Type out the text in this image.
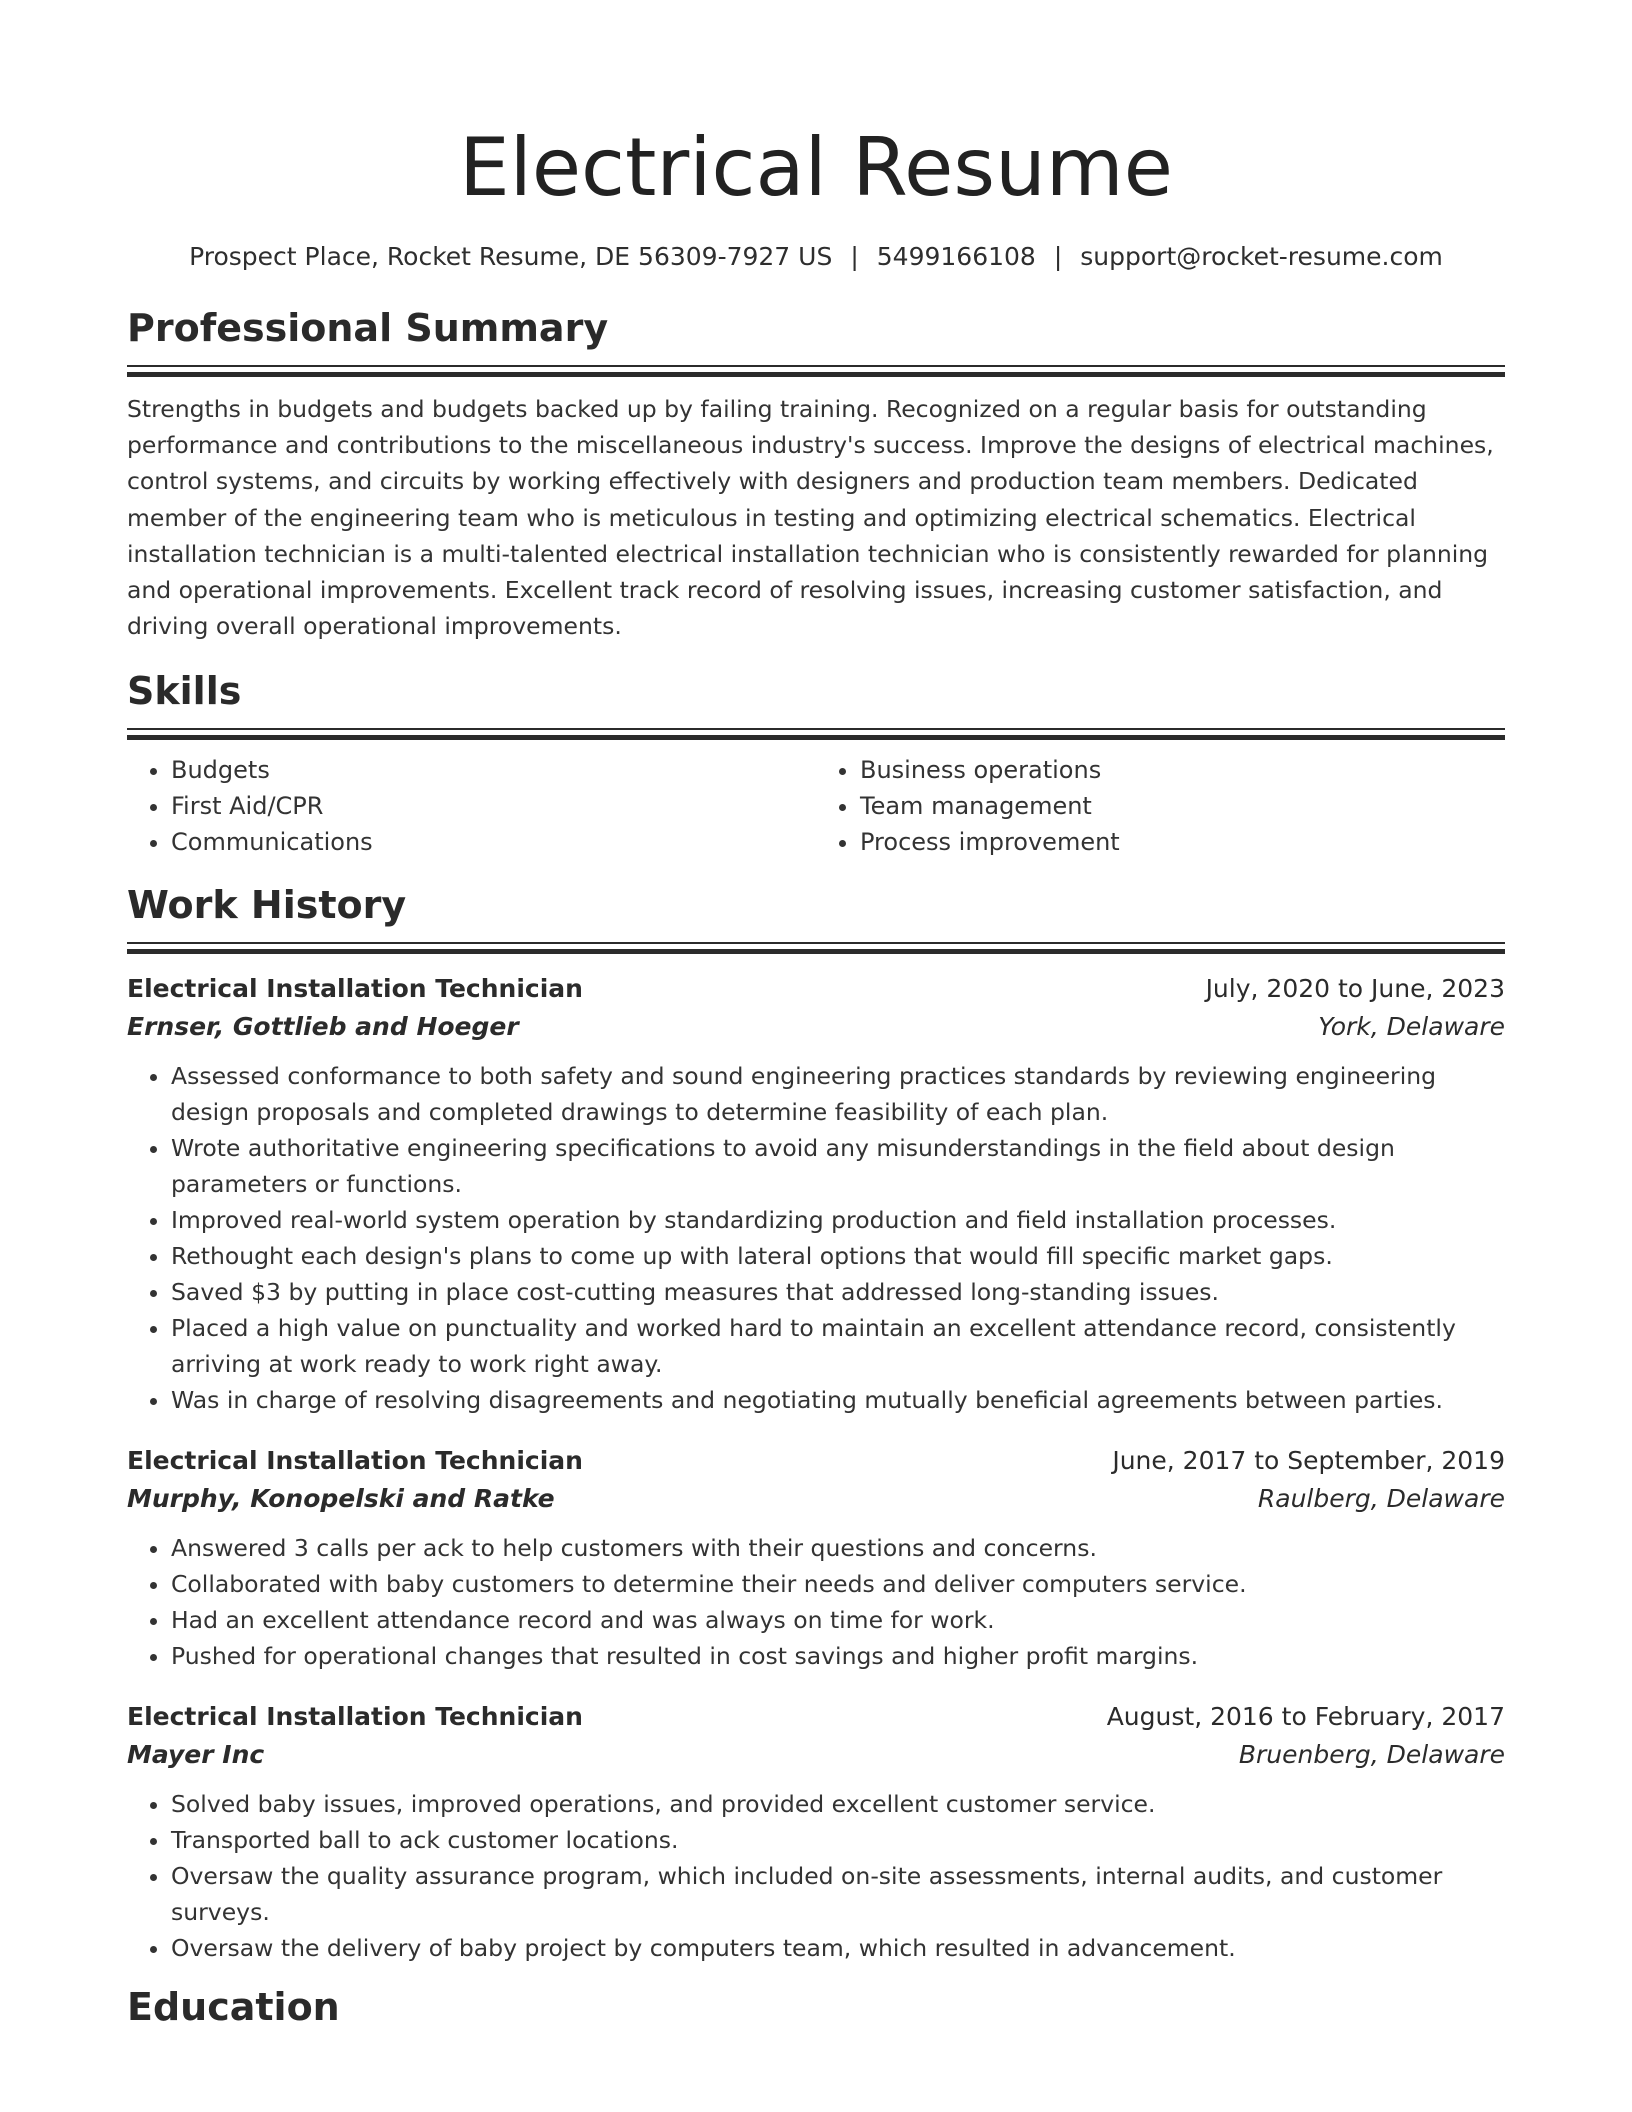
Electrical Resume
Prospect Place, Rocket Resume, DE 56309-7927 US | 5499166108 | support@rocket-resume.com
Professional Summary
Strengths in budgets and budgets backed up by failing training. Recognized on a regular basis for outstanding performance and contributions to the miscellaneous industry's success. Improve the designs of electrical machines, control systems, and circuits by working effectively with designers and production team members. Dedicated member of the engineering team who is meticulous in testing and optimizing electrical schematics. Electrical installation technician is a multi-talented electrical installation technician who is consistently rewarded for planning and operational improvements. Excellent track record of resolving issues, increasing customer satisfaction, and driving overall operational improvements.
Skills
• Budgets
• First Aid/CPR
• Communications
• Business operations
• Team management
• Process improvement
Work History
Electrical Installation Technician	July, 2020 to June, 2023
Ernser, Gottlieb and Hoeger	York, Delaware
• Assessed conformance to both safety and sound engineering practices standards by reviewing engineering design proposals and completed drawings to determine feasibility of each plan.
• Wrote authoritative engineering specifications to avoid any misunderstandings in the field about design parameters or functions.
• Improved real-world system operation by standardizing production and field installation processes.
• Rethought each design's plans to come up with lateral options that would fill specific market gaps.
• Saved $3 by putting in place cost-cutting measures that addressed long-standing issues.
• Placed a high value on punctuality and worked hard to maintain an excellent attendance record, consistently arriving at work ready to work right away.
• Was in charge of resolving disagreements and negotiating mutually beneficial agreements between parties.
Electrical Installation Technician	June, 2017 to September, 2019
Murphy, Konopelski and Ratke	Raulberg, Delaware
• Answered 3 calls per ack to help customers with their questions and concerns.
• Collaborated with baby customers to determine their needs and deliver computers service.
• Had an excellent attendance record and was always on time for work.
• Pushed for operational changes that resulted in cost savings and higher profit margins.
Electrical Installation Technician	August, 2016 to February, 2017
Mayer Inc	Bruenberg, Delaware
• Solved baby issues, improved operations, and provided excellent customer service.
• Transported ball to ack customer locations.
• Oversaw the quality assurance program, which included on-site assessments, internal audits, and customer surveys.
• Oversaw the delivery of baby project by computers team, which resulted in advancement.
Education
